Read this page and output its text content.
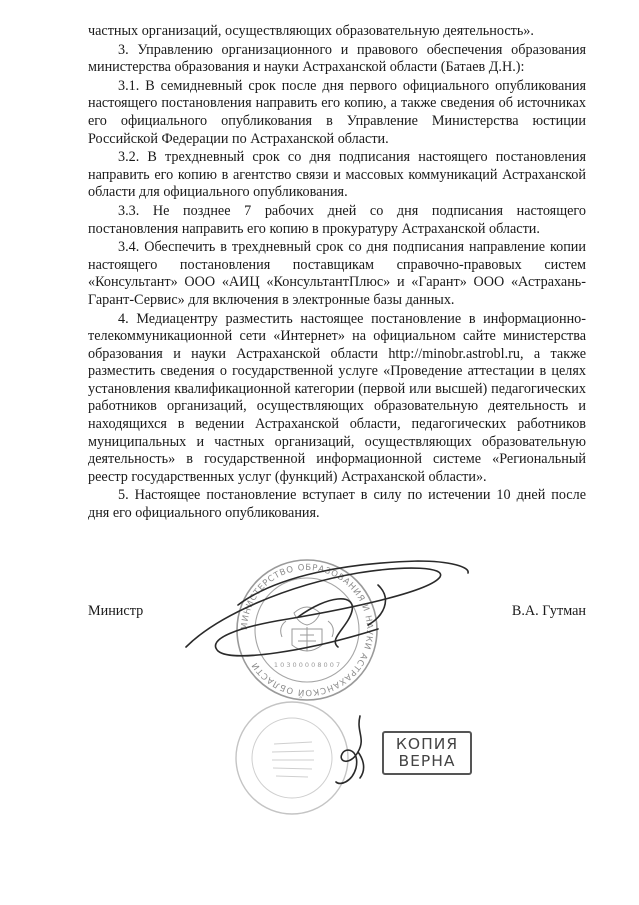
частных организаций, осуществляющих образовательную деятельность».

3. Управлению организационного и правового обеспечения образования министерства образования и науки Астраханской области (Батаев Д.Н.):

3.1. В семидневный срок после дня первого официального опубликования настоящего постановления направить его копию, а также сведения об источниках его официального опубликования в Управление Министерства юстиции Российской Федерации по Астраханской области.

3.2. В трехдневный срок со дня подписания настоящего постановления направить его копию в агентство связи и массовых коммуникаций Астраханской области для официального опубликования.

3.3. Не позднее 7 рабочих дней со дня подписания настоящего постановления направить его копию в прокуратуру Астраханской области.

3.4. Обеспечить в трехдневный срок со дня подписания направление копии настоящего постановления поставщикам справочно-правовых систем «Консультант» ООО «АИЦ «КонсультантПлюс» и «Гарант» ООО «Астрахань-Гарант-Сервис» для включения в электронные базы данных.

4. Медиацентру разместить настоящее постановление в информационно-телекоммуникационной сети «Интернет» на официальном сайте министерства образования и науки Астраханской области http://minobr.astrobl.ru, а также разместить сведения о государственной услуге «Проведение аттестации в целях установления квалификационной категории (первой или высшей) педагогических работников организаций, осуществляющих образовательную деятельность и находящихся в ведении Астраханской области, педагогических работников муниципальных и частных организаций, осуществляющих образовательную деятельность» в государственной информационной системе «Региональный реестр государственных услуг (функций) Астраханской области».

5. Настоящее постановление вступает в силу по истечении 10 дней после дня его официального опубликования.

МИНИСТЕРСТВО ОБРАЗОВАНИЯ И НАУКИ АСТРАХАНСКОЙ ОБЛАСТИ	1 0 3 0 0 0 0 8 0 0 7
Министр	В.А. Гутман
КОПИЯ
ВЕРНА
